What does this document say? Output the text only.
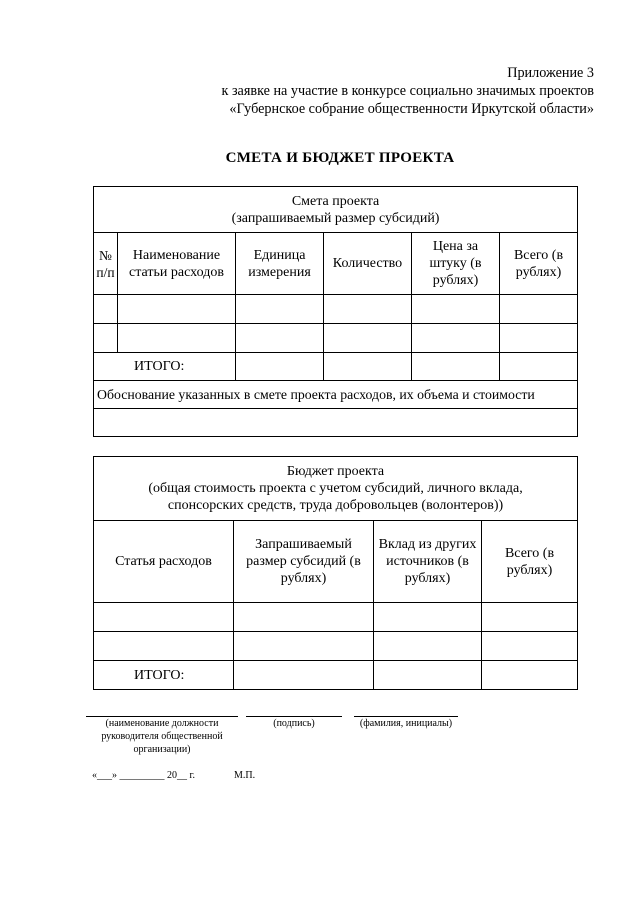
Приложение 3
к заявке на участие в конкурсе социально значимых проектов
«Губернское собрание общественности Иркутской области»
СМЕТА И БЮДЖЕТ ПРОЕКТА
Смета проекта
(запрашиваемый размер субсидий)					

№ п/п	Наименование статьи расходов	Единица измерения	Количество	Цена за штуку (в рублях)	Всего (в рублях)

ИТОГО:					
Обоснование указанных в смете проекта расходов, их объема и стоимости					

Бюджет проекта
(общая стоимость проекта с учетом субсидий, личного вклада,
спонсорских средств, труда добровольцев (волонтеров))			

Статья расходов	Запрашиваемый размер субсидий (в рублях)	Вклад из других источников (в рублях)	Всего (в рублях)

ИТОГО:			
(наименование должности руководителя общественной организации)
(подпись)	(фамилия, инициалы)
«___» _________ 20__ г.	М.П.
